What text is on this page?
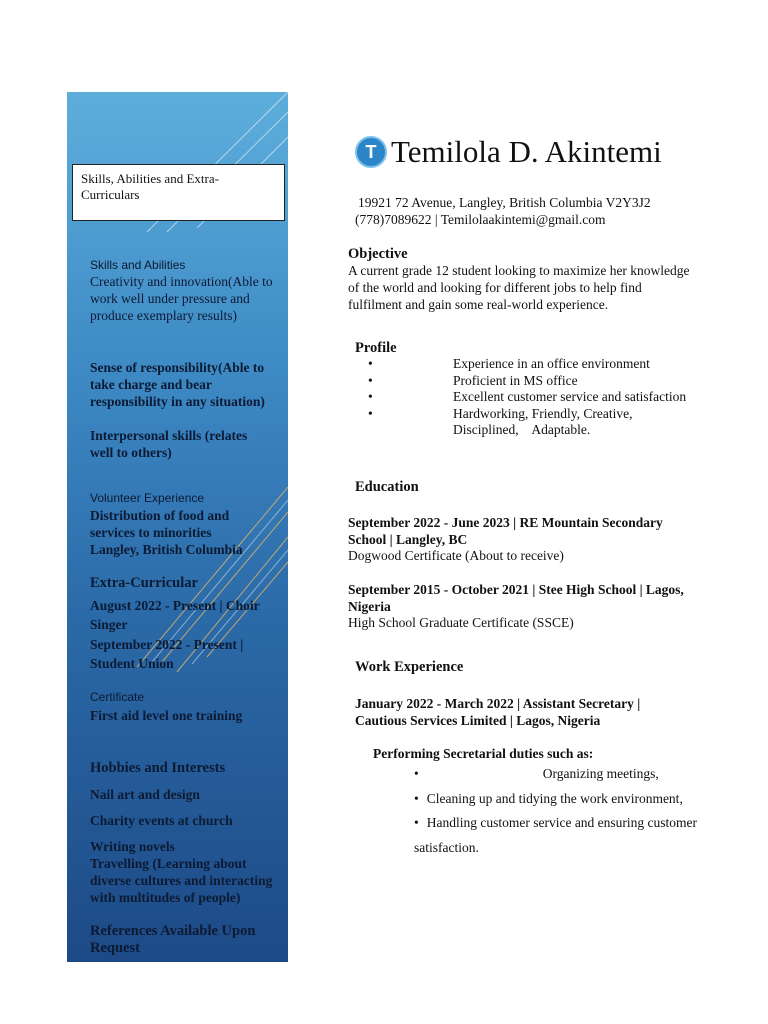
Skills, Abilities and Extra-Curriculars
Skills and Abilities
Creativity and innovation(Able to work well under pressure and produce exemplary results)
Sense of responsibility(Able to take charge and bear responsibility in any situation)
Interpersonal skills (relates well to others)
Volunteer Experience
Distribution of food and services to minorities
Langley, British Columbia
Extra-Curricular
August 2022 - Present | Choir Singer
September 2022 - Present | Student Union
Certificate
First aid level one training
Hobbies and Interests
Nail art and design
Charity events at church
Writing novels
Travelling (Learning about diverse cultures and interacting with multitudes of people)
References Available Upon Request
T Temilola D. Akintemi
19921 72 Avenue, Langley, British Columbia V2Y3J2
(778)7089622 | Temilolaakintemi@gmail.com
Objective
A current grade 12 student looking to maximize her knowledge of the world and looking for different jobs to help find fulfilment and gain some real-world experience.
Profile
•
Experience in an office environment
•
Proficient in MS office
•
Excellent customer service and satisfaction
•
Hardworking, Friendly, Creative, Disciplined,    Adaptable.
Education
September 2022 - June 2023 | RE Mountain Secondary School | Langley, BC
Dogwood Certificate (About to receive)
September 2015 - October 2021 | Stee High School | Lagos, Nigeria
High School Graduate Certificate (SSCE)
Work Experience
January 2022 - March 2022 | Assistant Secretary | Cautious Services Limited | Lagos, Nigeria
Performing Secretarial duties such as:
• Organizing meetings,
• Cleaning up and tidying the work environment,
• Handling customer service and ensuring customer satisfaction.
